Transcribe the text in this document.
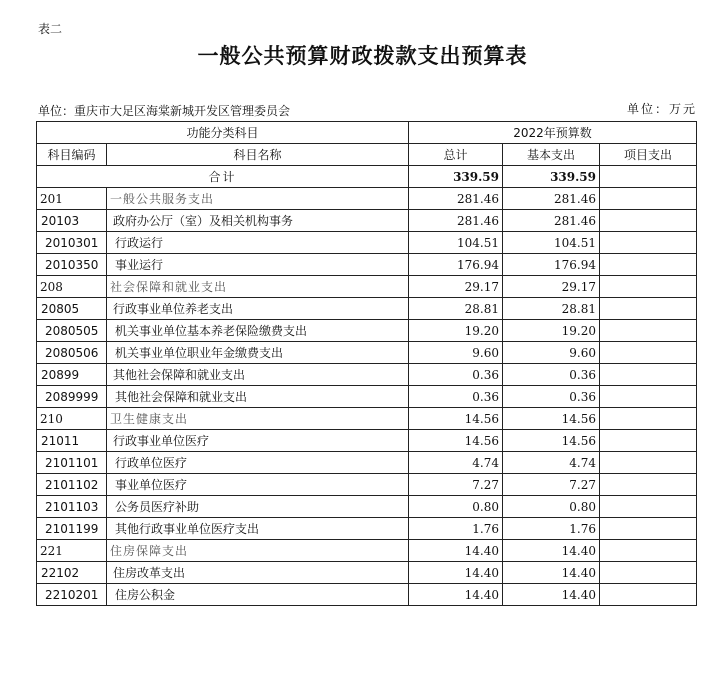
表二
一般公共预算财政拨款支出预算表
单位：重庆市大足区海棠新城开发区管理委员会	单位：万元
功能分类科目		2022年预算数		
科目编码	科目名称	总计	基本支出	项目支出
合计		339.59	339.59	
201	一般公共服务支出	281.46	281.46	
20103	政府办公厅（室）及相关机构事务	281.46	281.46	
2010301	行政运行	104.51	104.51	
2010350	事业运行	176.94	176.94	
208	社会保障和就业支出	29.17	29.17	
20805	行政事业单位养老支出	28.81	28.81	
2080505	机关事业单位基本养老保险缴费支出	19.20	19.20	
2080506	机关事业单位职业年金缴费支出	9.60	9.60	
20899	其他社会保障和就业支出	0.36	0.36	
2089999	其他社会保障和就业支出	0.36	0.36	
210	卫生健康支出	14.56	14.56	
21011	行政事业单位医疗	14.56	14.56	
2101101	行政单位医疗	4.74	4.74	
2101102	事业单位医疗	7.27	7.27	
2101103	公务员医疗补助	0.80	0.80	
2101199	其他行政事业单位医疗支出	1.76	1.76	
221	住房保障支出	14.40	14.40	
22102	住房改革支出	14.40	14.40	
2210201	住房公积金	14.40	14.40	
